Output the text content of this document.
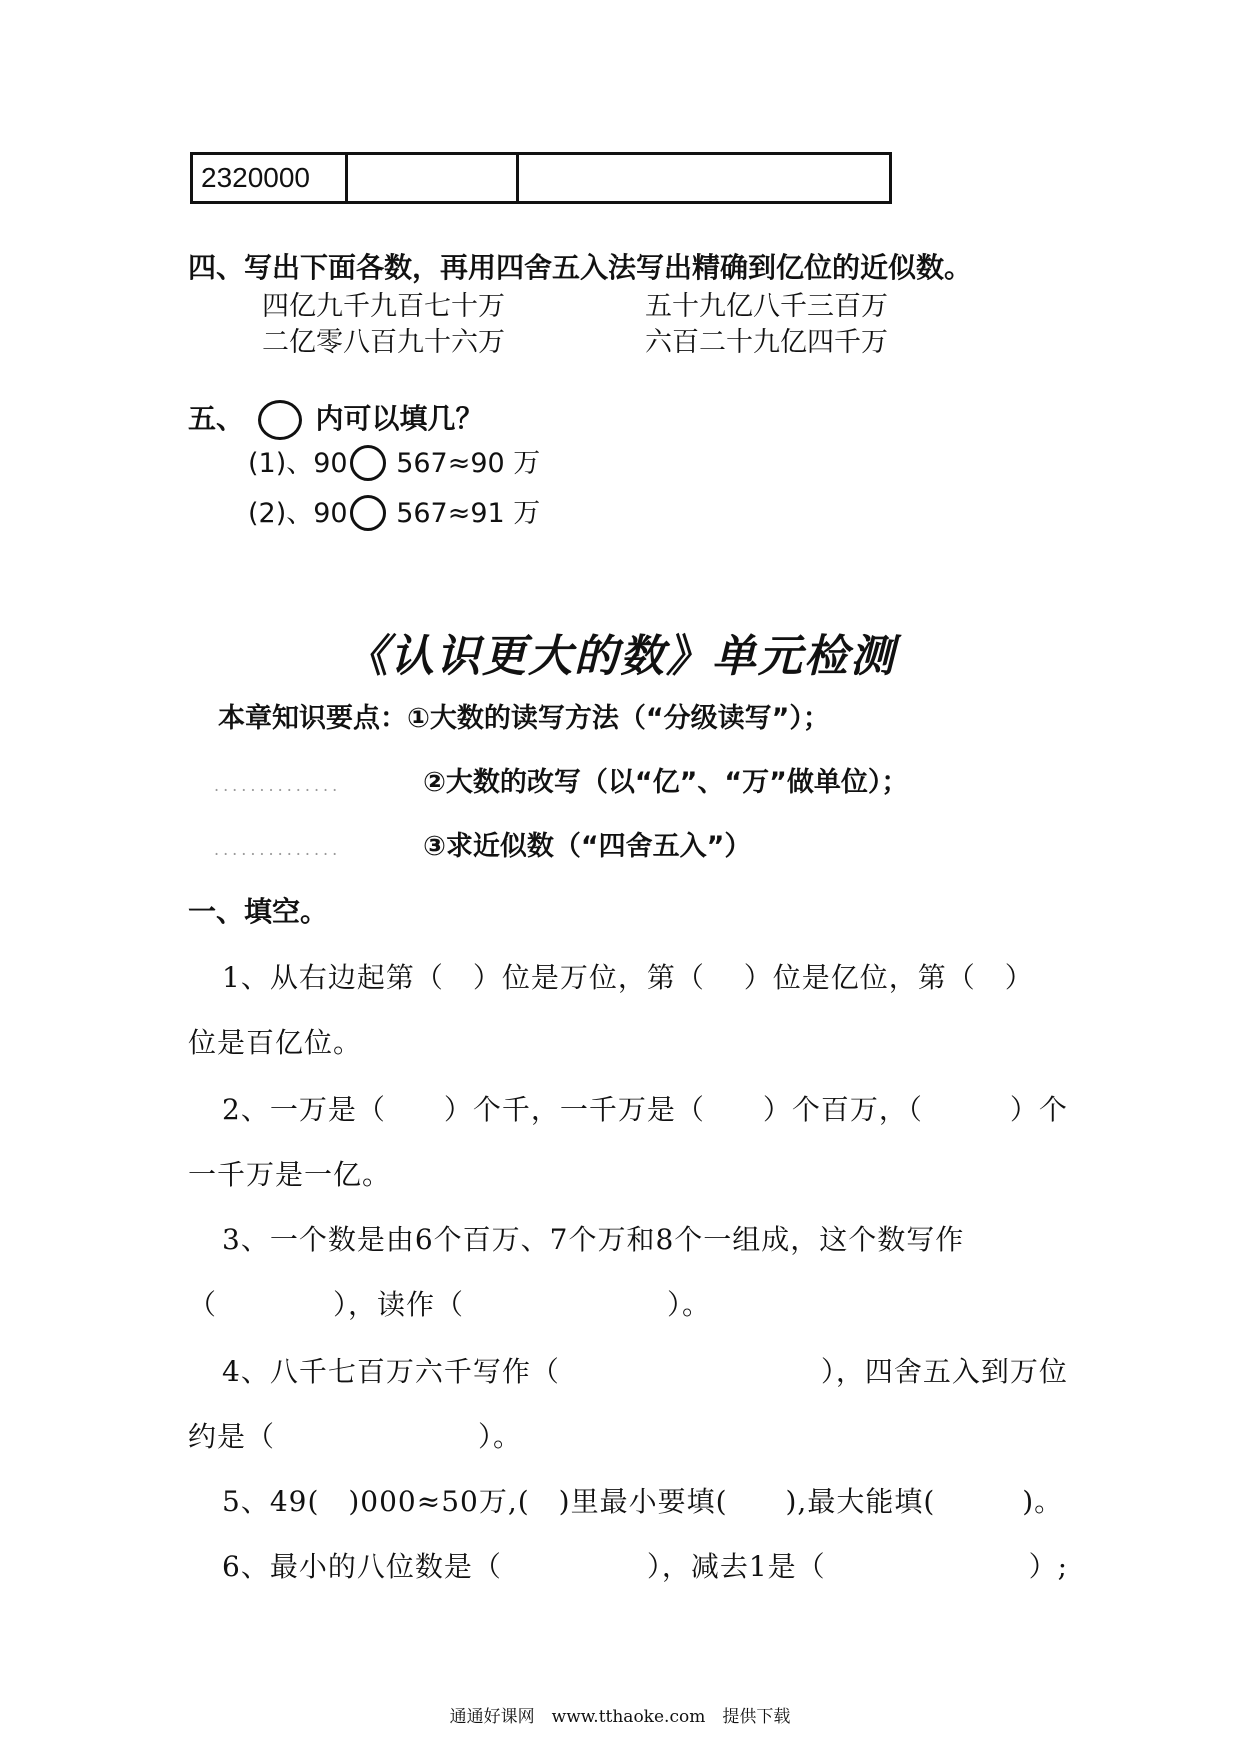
2320000		
四、写出下面各数，再用四舍五入法写出精确到亿位的近似数。
四亿九千九百七十万	五十九亿八千三百万
二亿零八百九十六万	六百二十九亿四千万
五、	内可以填几？
(1)、90 567≈90 万
(2)、90 567≈91 万
《认识更大的数》单元检测
本章知识要点：①大数的读写方法（“分级读写”）；
..............	②大数的改写（以“亿”、“万”做单位）；
..............	③求近似数（“四舍五入”）
一、填空。
1、从右边起第（　）位是万位，第（　 ）位是亿位，第（　）
位是百亿位。
2、一万是（　　）个千，一千万是（　　）个百万，（　　　）个
一千万是一亿。
3、一个数是由6个百万、7个万和8个一组成，这个数写作
（　　　　），读作（　　　　　　　）。
4、八千七百万六千写作（　　　　　　　　　），四舍五入到万位
约是（　　　　　　　）。
5、49(　)000≈50万,(　)里最小要填(　　),最大能填(　　　)。
6、最小的八位数是（　　　　　），减去1是（　　　　　　　）;
通通好课网　www.tthaoke.com　提供下载
